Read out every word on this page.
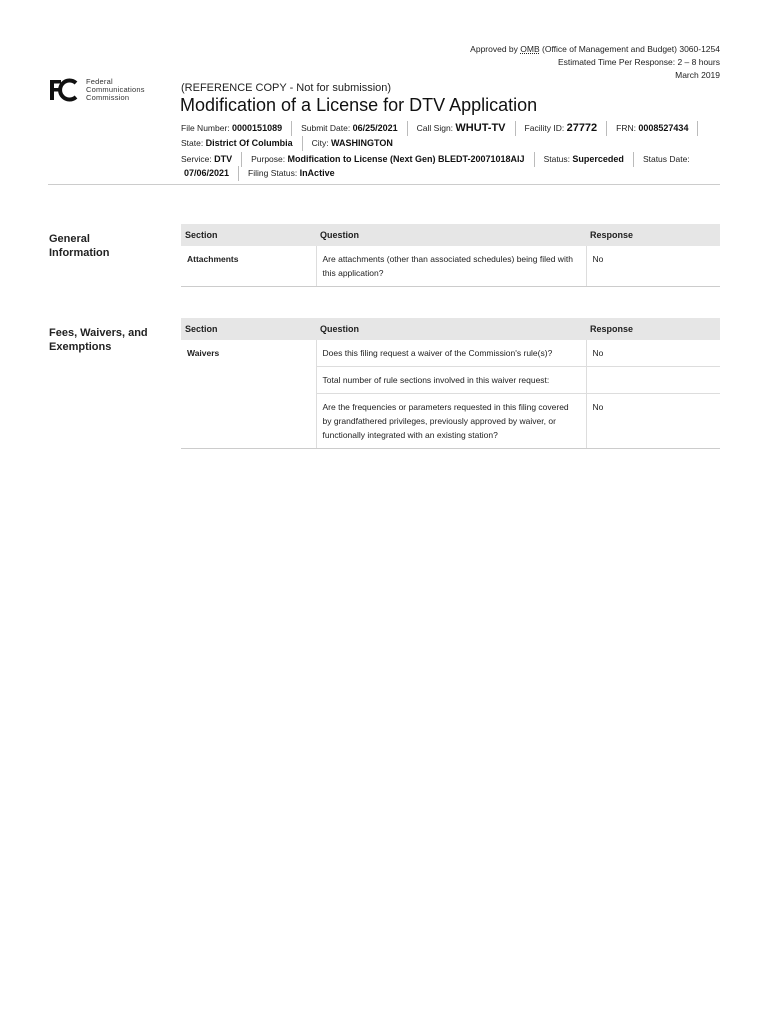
Approved by OMB (Office of Management and Budget) 3060-1254
Estimated Time Per Response: 2 – 8 hours
March 2019
Federal
Communications
Commission
(REFERENCE COPY - Not for submission)
Modification of a License for DTV Application
File Number: 0000151089	Submit Date: 06/25/2021	Call Sign: WHUT-TV	Facility ID: 27772	FRN: 0008527434
State: District Of Columbia	City: WASHINGTON
Service: DTV	Purpose: Modification to License (Next Gen) BLEDT-20071018AIJ	Status: Superceded	Status Date:
07/06/2021	Filing Status: InActive
General Information
Section	Question	Response
Attachments	Are attachments (other than associated schedules) being filed with this application?	No
Fees, Waivers, and Exemptions
Section	Question	Response
Waivers	Does this filing request a waiver of the Commission's rule(s)?	No
	Total number of rule sections involved in this waiver request:	
	Are the frequencies or parameters requested in this filing covered by grandfathered privileges, previously approved by waiver, or functionally integrated with an existing station?	No
